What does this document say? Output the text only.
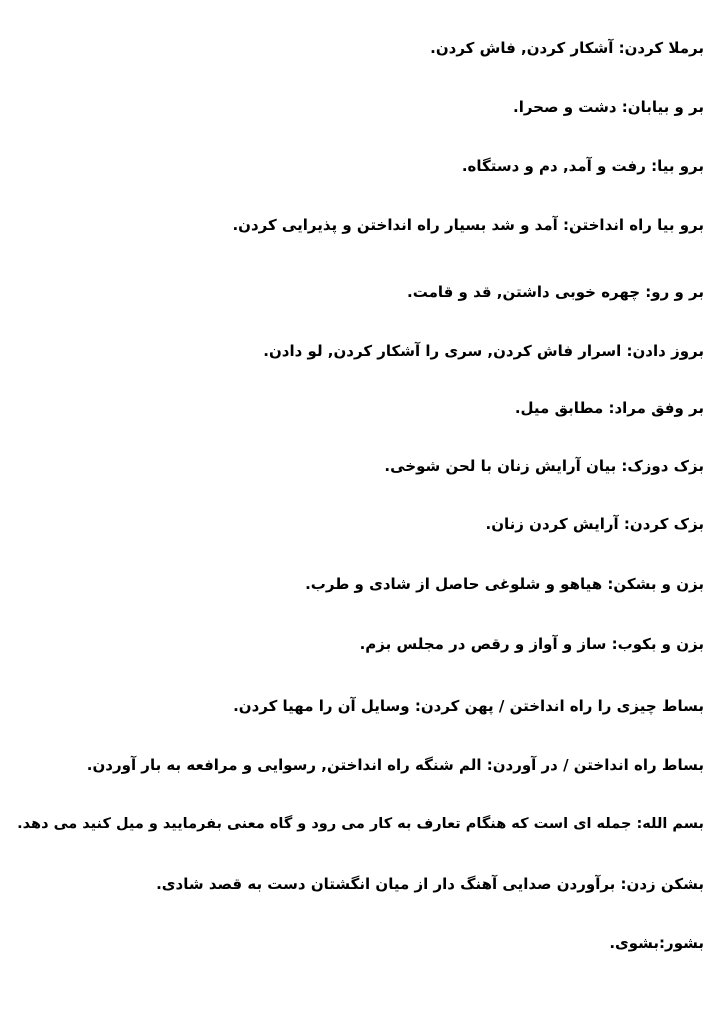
برملا کردن: آشکار کردن, فاش کردن.
بر و بیابان: دشت و صحرا.
برو بیا: رفت و آمد, دم و دستگاه.
برو بیا راه انداختن: آمد و شد بسیار راه انداختن و پذیرایی کردن.
بر و رو: چهره خوبی داشتن, قد و قامت.
بروز دادن: اسرار فاش کردن, سری را آشکار کردن, لو دادن.
بر وفق مراد: مطابق میل.
بزک دوزک: بیان آرایش زنان با لحن شوخی.
بزک کردن: آرایش کردن زنان.
بزن و بشکن: هیاهو و شلوغی حاصل از شادی و طرب.
بزن و بکوب: ساز و آواز و رقص در مجلس بزم.
بساط چیزی را راه انداختن / پهن کردن: وسایل آن را مهیا کردن.
بساط راه انداختن / در آوردن: الم شنگه راه انداختن, رسوایی و مرافعه به بار آوردن.
بسم الله: جمله ای است که هنگام تعارف به کار می رود و گاه معنی بفرمایید و میل کنید می دهد.
بشکن زدن: برآوردن صدایی آهنگ دار از میان انگشتان دست به قصد شادی.
بشور:بشوی.
